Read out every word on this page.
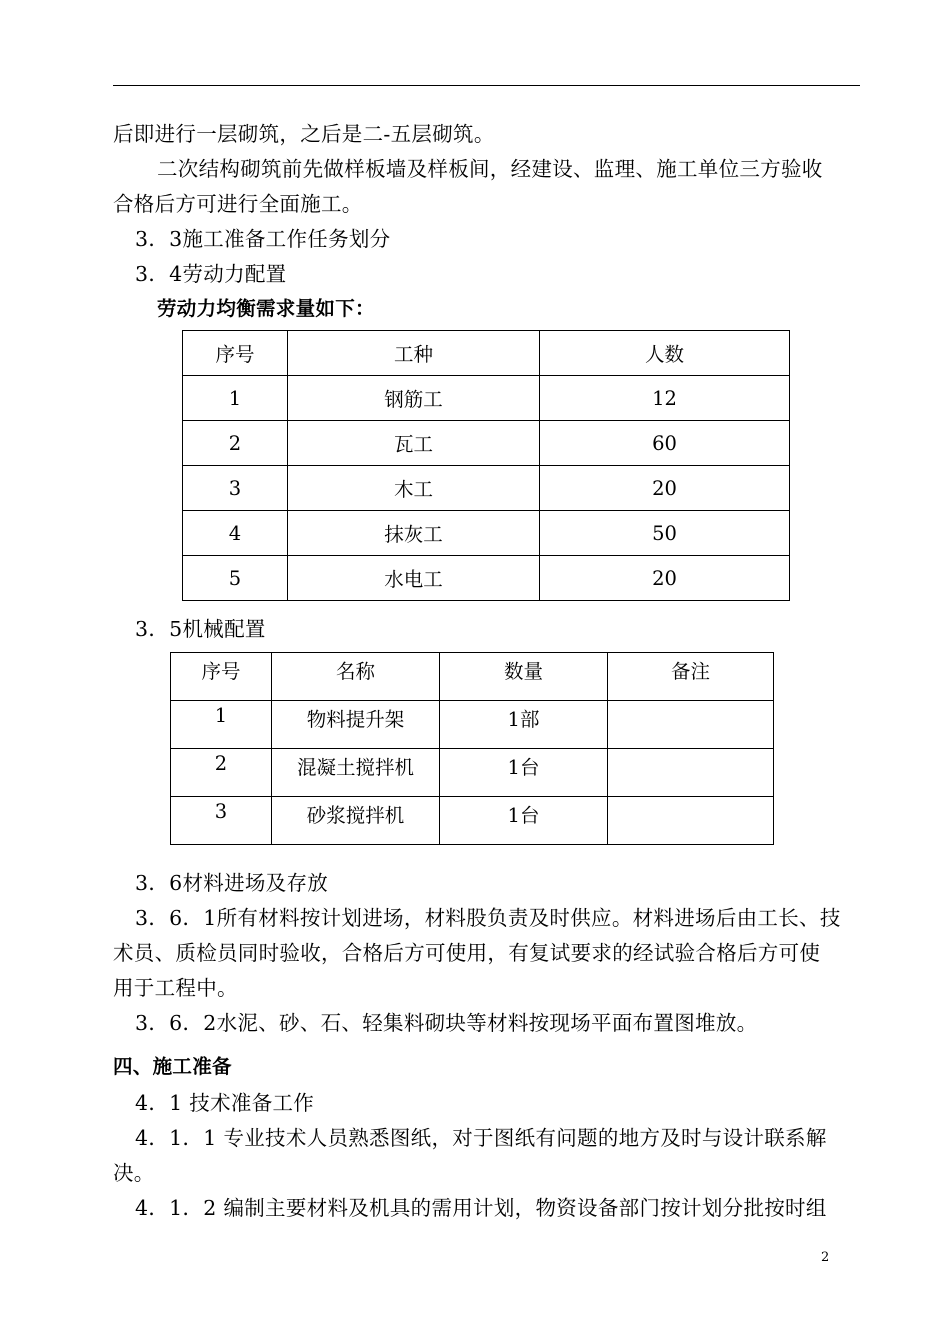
后即进行一层砌筑，之后是二-五层砌筑。
二次结构砌筑前先做样板墙及样板间，经建设、监理、施工单位三方验收
合格后方可进行全面施工。
3．3施工准备工作任务划分
3．4劳动力配置
劳动力均衡需求量如下：
序号	工种	人数
1	钢筋工	12
2	瓦工	60
3	木工	20
4	抹灰工	50
5	水电工	20
3．5机械配置
序号	名称	数量	备注
1	物料提升架	1部	
2	混凝土搅拌机	1台	
3	砂浆搅拌机	1台	
3．6材料进场及存放
3．6．1所有材料按计划进场，材料股负责及时供应。材料进场后由工长、技
术员、质检员同时验收，合格后方可使用，有复试要求的经试验合格后方可使
用于工程中。
3．6．2水泥、砂、石、轻集料砌块等材料按现场平面布置图堆放。
四、施工准备
4．1 技术准备工作
4．1．1 专业技术人员熟悉图纸，对于图纸有问题的地方及时与设计联系解
决。
4．1．2 编制主要材料及机具的需用计划，物资设备部门按计划分批按时组
2
